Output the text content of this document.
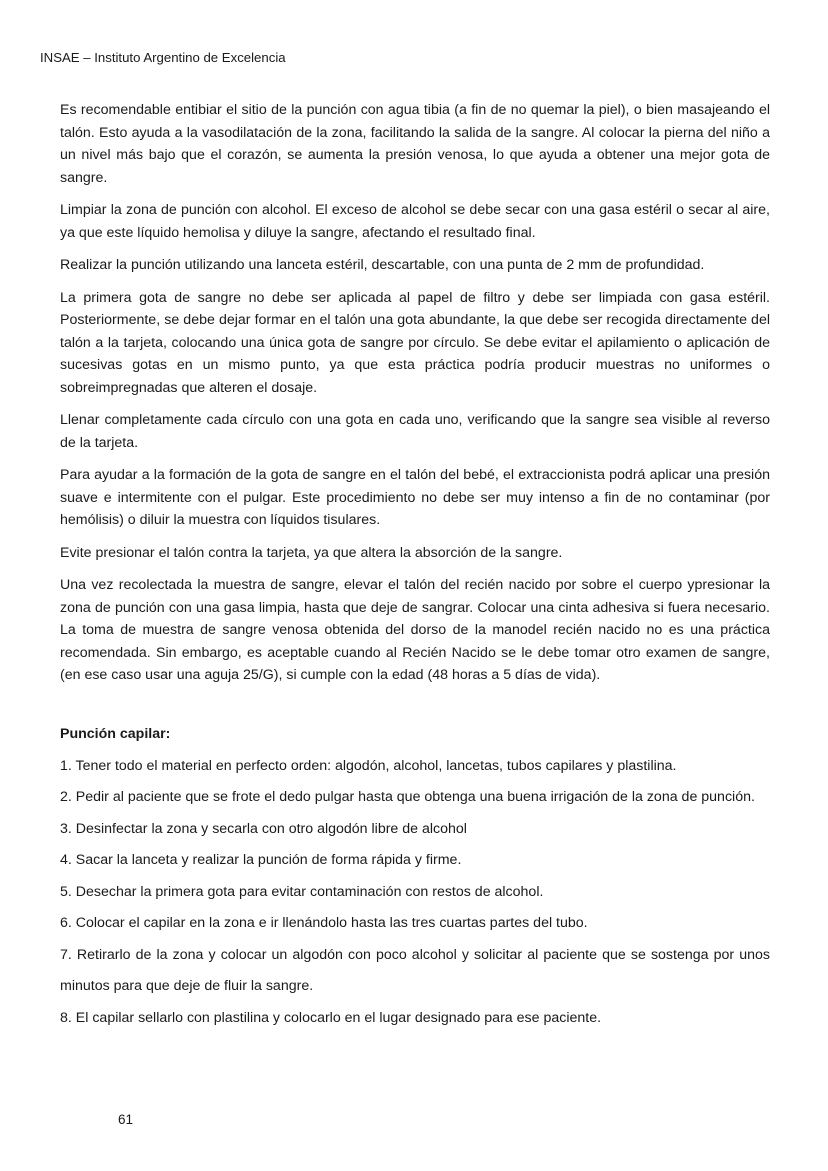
INSAE – Instituto Argentino de Excelencia

Es recomendable entibiar el sitio de la punción con agua tibia (a fin de no quemar la piel), o bien masajeando el talón. Esto ayuda a la vasodilatación de la zona, facilitando la salida de la sangre. Al colocar la pierna del niño a un nivel más bajo que el corazón, se aumenta la presión venosa, lo que ayuda a obtener una mejor gota de sangre.

Limpiar la zona de punción con alcohol. El exceso de alcohol se debe secar con una gasa estéril o secar al aire, ya que este líquido hemolisa y diluye la sangre, afectando el resultado final.

Realizar la punción utilizando una lanceta estéril, descartable, con una punta de 2 mm de profundidad.

La primera gota de sangre no debe ser aplicada al papel de filtro y debe ser limpiada con gasa estéril. Posteriormente, se debe dejar formar en el talón una gota abundante, la que debe ser recogida directamente del talón a la tarjeta, colocando una única gota de sangre por círculo. Se debe evitar el apilamiento o aplicación de sucesivas gotas en un mismo punto, ya que esta práctica podría producir muestras no uniformes o sobreimpregnadas que alteren el dosaje.

Llenar completamente cada círculo con una gota en cada uno, verificando que la sangre sea visible al reverso de la tarjeta.

Para ayudar a la formación de la gota de sangre en el talón del bebé, el extraccionista podrá aplicar una presión suave e intermitente con el pulgar. Este procedimiento no debe ser muy intenso a fin de no contaminar (por hemólisis) o diluir la muestra con líquidos tisulares.

Evite presionar el talón contra la tarjeta, ya que altera la absorción de la sangre.

Una vez recolectada la muestra de sangre, elevar el talón del recién nacido por sobre el cuerpo ypresionar la zona de punción con una gasa limpia, hasta que deje de sangrar. Colocar una cinta adhesiva si fuera necesario. La toma de muestra de sangre venosa obtenida del dorso de la manodel recién nacido no es una práctica recomendada. Sin embargo, es aceptable cuando al Recién Nacido se le debe tomar otro examen de sangre, (en ese caso usar una aguja 25/G), si cumple con la edad (48 horas a 5 días de vida).

Punción capilar:

1. Tener todo el material en perfecto orden: algodón, alcohol, lancetas, tubos capilares y plastilina.
2. Pedir al paciente que se frote el dedo pulgar hasta que obtenga una buena irrigación de la zona de punción.
3. Desinfectar la zona y secarla con otro algodón libre de alcohol
4. Sacar la lanceta y realizar la punción de forma rápida y firme.
5. Desechar la primera gota para evitar contaminación con restos de alcohol.
6. Colocar el capilar en la zona e ir llenándolo hasta las tres cuartas partes del tubo.
7. Retirarlo de la zona y colocar un algodón con poco alcohol y solicitar al paciente que se sostenga por unos minutos para que deje de fluir la sangre.
8. El capilar sellarlo con plastilina y colocarlo en el lugar designado para ese paciente.
61
